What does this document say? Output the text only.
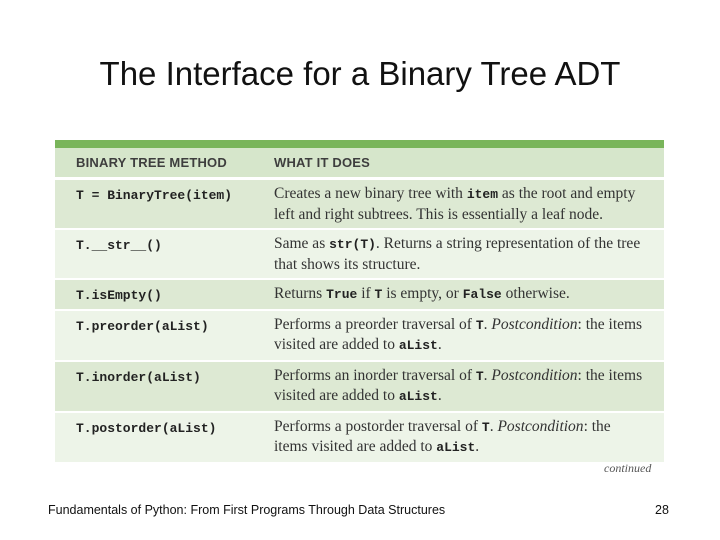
The Interface for a Binary Tree ADT
BINARY TREE METHOD	WHAT IT DOES
T = BinaryTree(item)	Creates a new binary tree with item as the root and empty left and right subtrees. This is essentially a leaf node.
T.__str__()	Same as str(T). Returns a string representation of the tree that shows its structure.
T.isEmpty()	Returns True if T is empty, or False otherwise.
T.preorder(aList)	Performs a preorder traversal of T. Postcondition: the items visited are added to aList.
T.inorder(aList)	Performs an inorder traversal of T. Postcondition: the items visited are added to aList.
T.postorder(aList)	Performs a postorder traversal of T. Postcondition: the items visited are added to aList.
continued
Fundamentals of Python: From First Programs Through Data Structures	28
